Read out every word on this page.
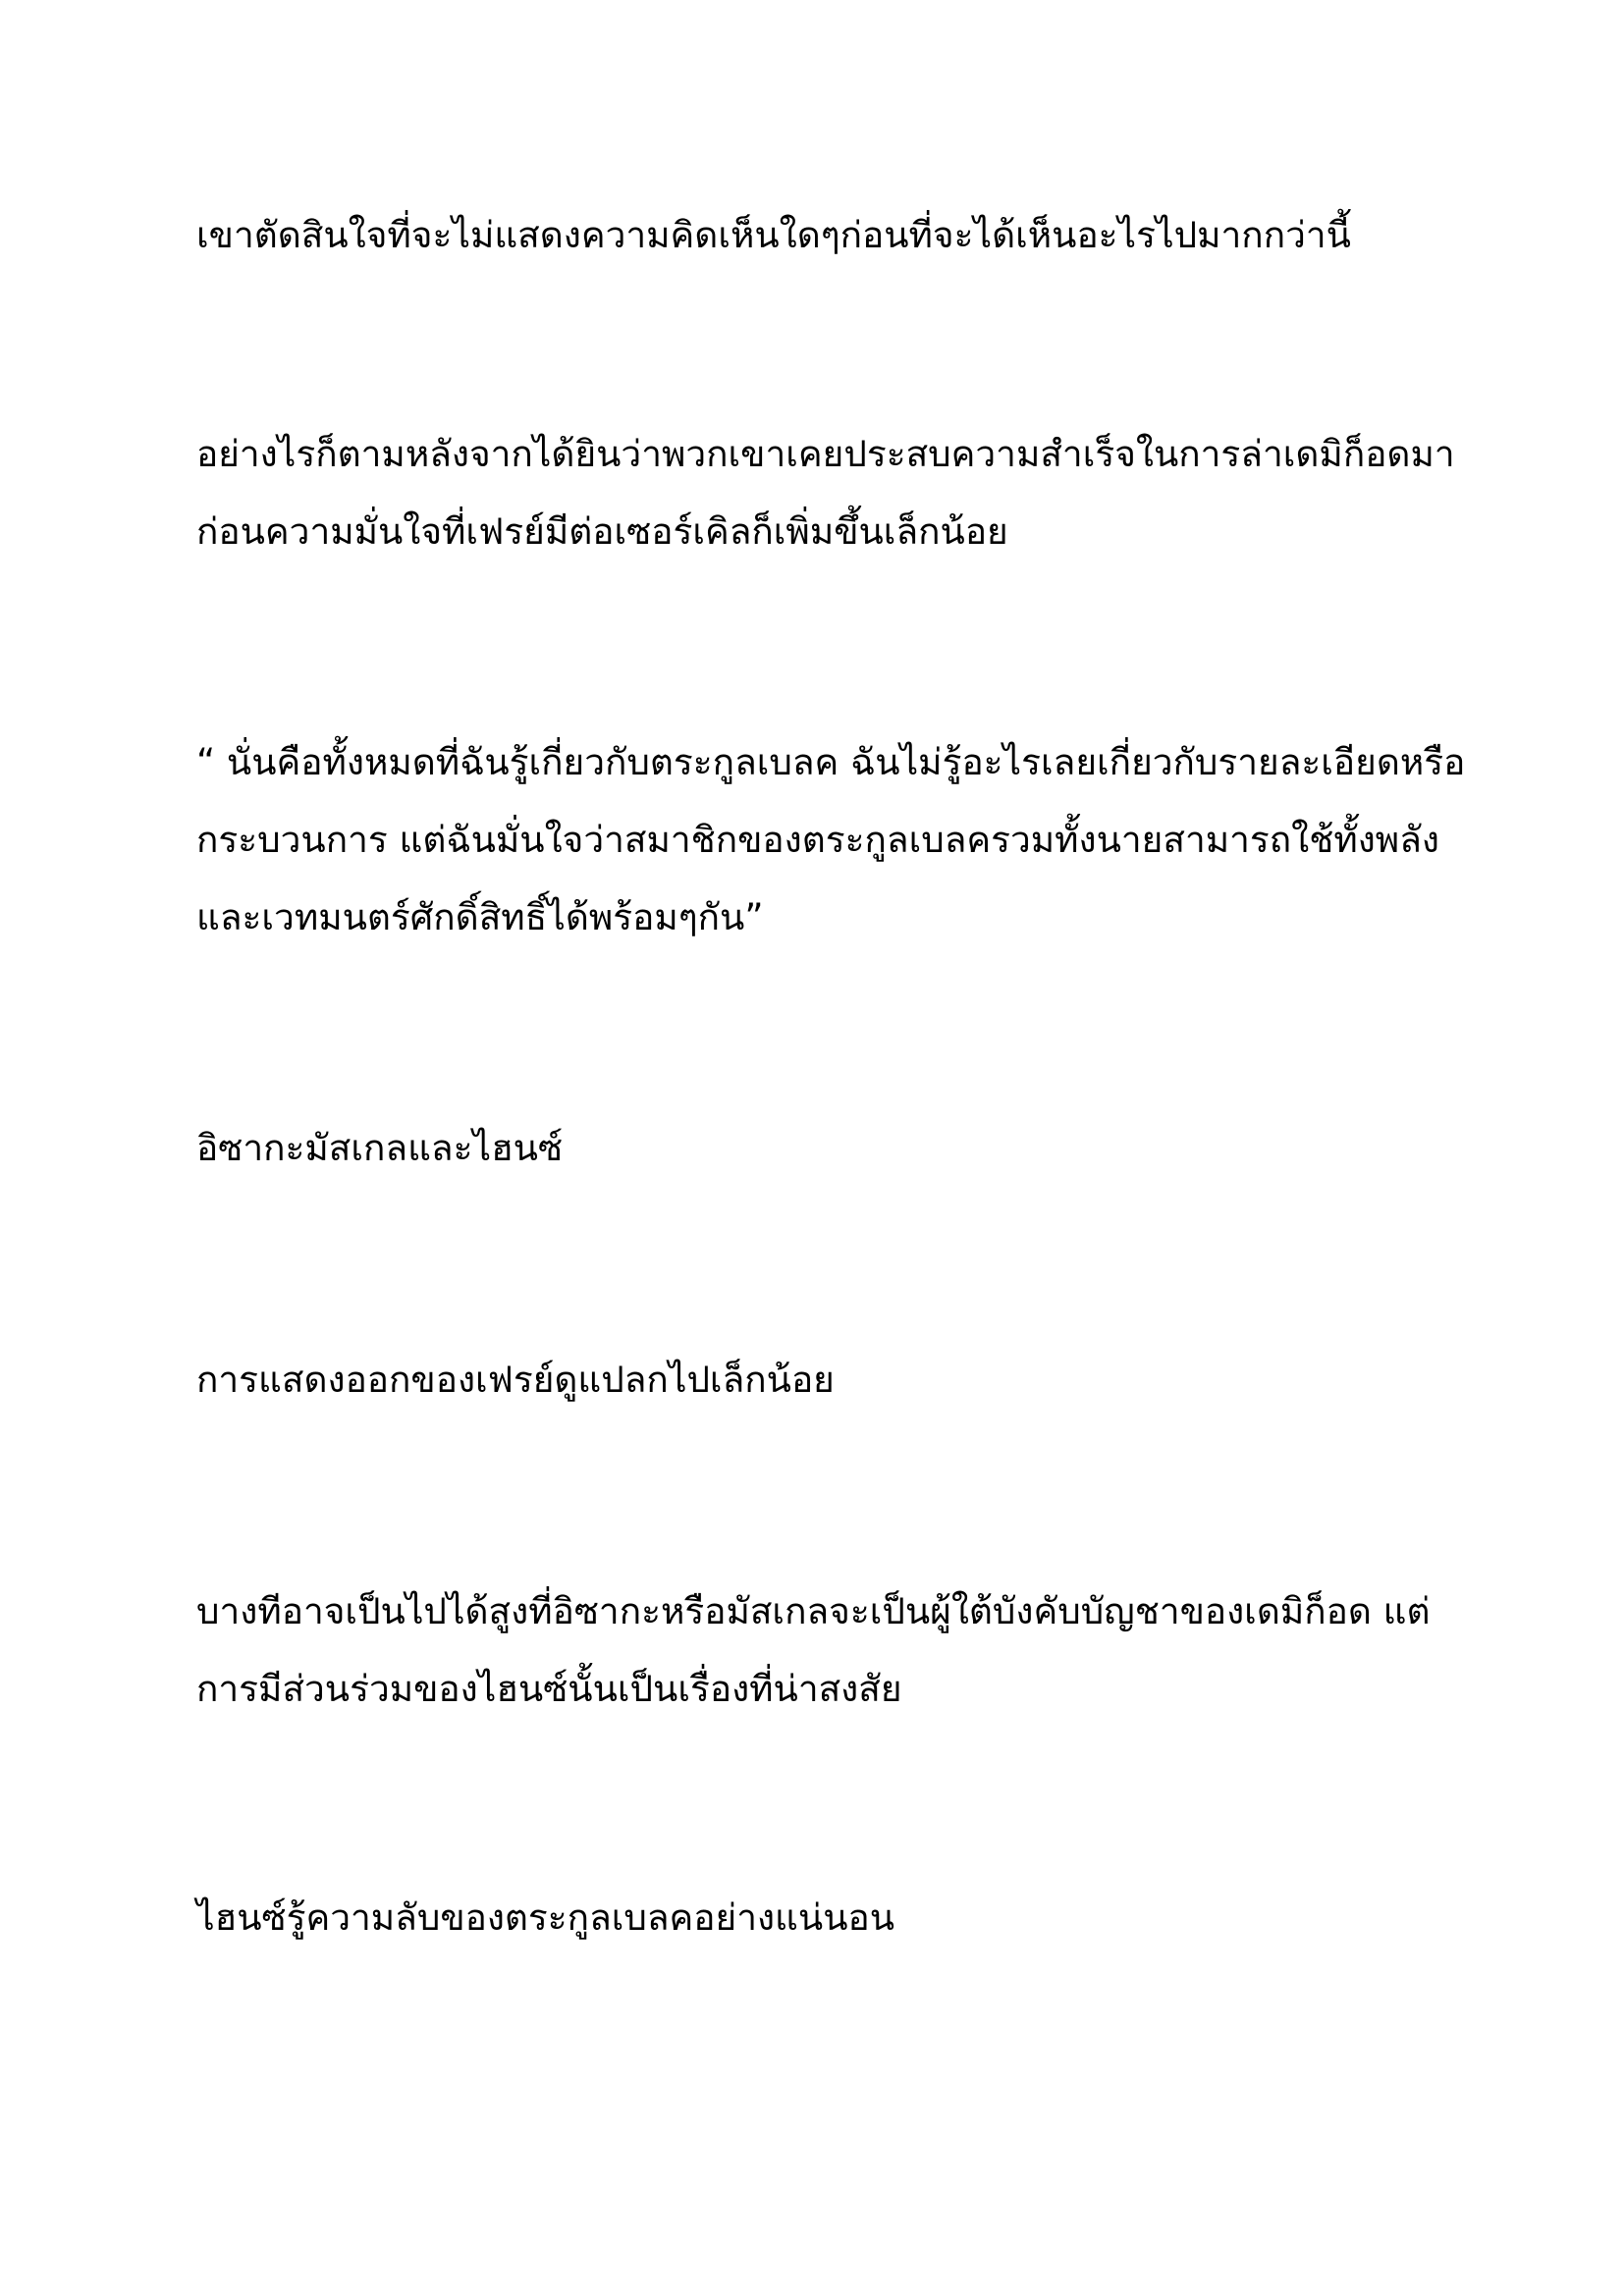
เขาตัดสินใจที่จะไม่แสดงความคิดเห็นใดๆก่อนที่จะได้เห็นอะไรไปมากกว่านี้

อย่างไรก็ตามหลังจากได้ยินว่าพวกเขาเคยประสบความสำเร็จในการล่าเดมิก็อดมา
ก่อนความมั่นใจที่เฟรย์มีต่อเซอร์เคิลก็เพิ่มขึ้นเล็กน้อย

“ นั่นคือทั้งหมดที่ฉันรู้เกี่ยวกับตระกูลเบลค ฉันไม่รู้อะไรเลยเกี่ยวกับรายละเอียดหรือ
กระบวนการ แต่ฉันมั่นใจว่าสมาชิกของตระกูลเบลครวมทั้งนายสามารถใช้ทั้งพลัง
และเวทมนตร์ศักดิ์สิทธิ์ได้พร้อมๆกัน”

อิซากะมัสเกลและไฮนซ์

การแสดงออกของเฟรย์ดูแปลกไปเล็กน้อย

บางทีอาจเป็นไปได้สูงที่อิซากะหรือมัสเกลจะเป็นผู้ใต้บังคับบัญชาของเดมิก็อด แต่
การมีส่วนร่วมของไฮนซ์นั้นเป็นเรื่องที่น่าสงสัย

ไฮนซ์รู้ความลับของตระกูลเบลคอย่างแน่นอน
